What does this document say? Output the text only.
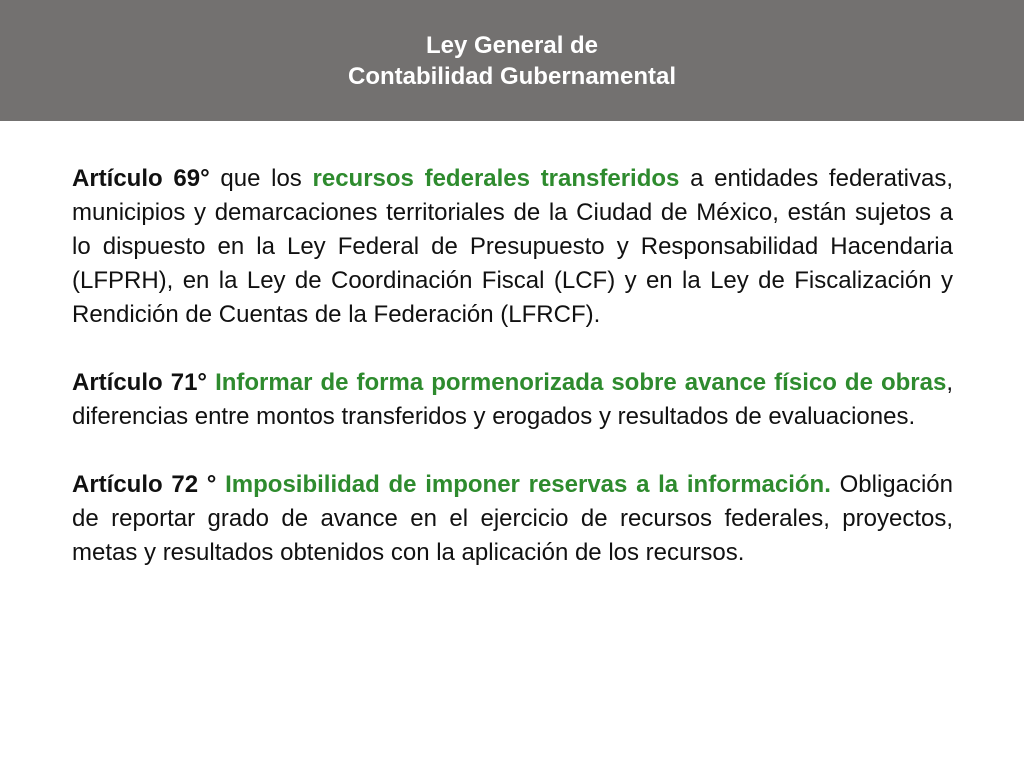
Ley General de
Contabilidad Gubernamental

Artículo 69° que los recursos federales transferidos a entidades federativas, municipios y demarcaciones territoriales de la Ciudad de México, están sujetos a lo dispuesto en la Ley Federal de Presupuesto y Responsabilidad Hacendaria (LFPRH), en la Ley de Coordinación Fiscal (LCF) y en la Ley de Fiscalización y Rendición de Cuentas de la Federación (LFRCF).

Artículo 71° Informar de forma pormenorizada sobre avance físico de obras, diferencias entre montos transferidos y erogados y resultados de evaluaciones.

Artículo 72 ° Imposibilidad de imponer reservas a la información. Obligación de reportar grado de avance en el ejercicio de recursos federales, proyectos, metas y resultados obtenidos con la aplicación de los recursos.
